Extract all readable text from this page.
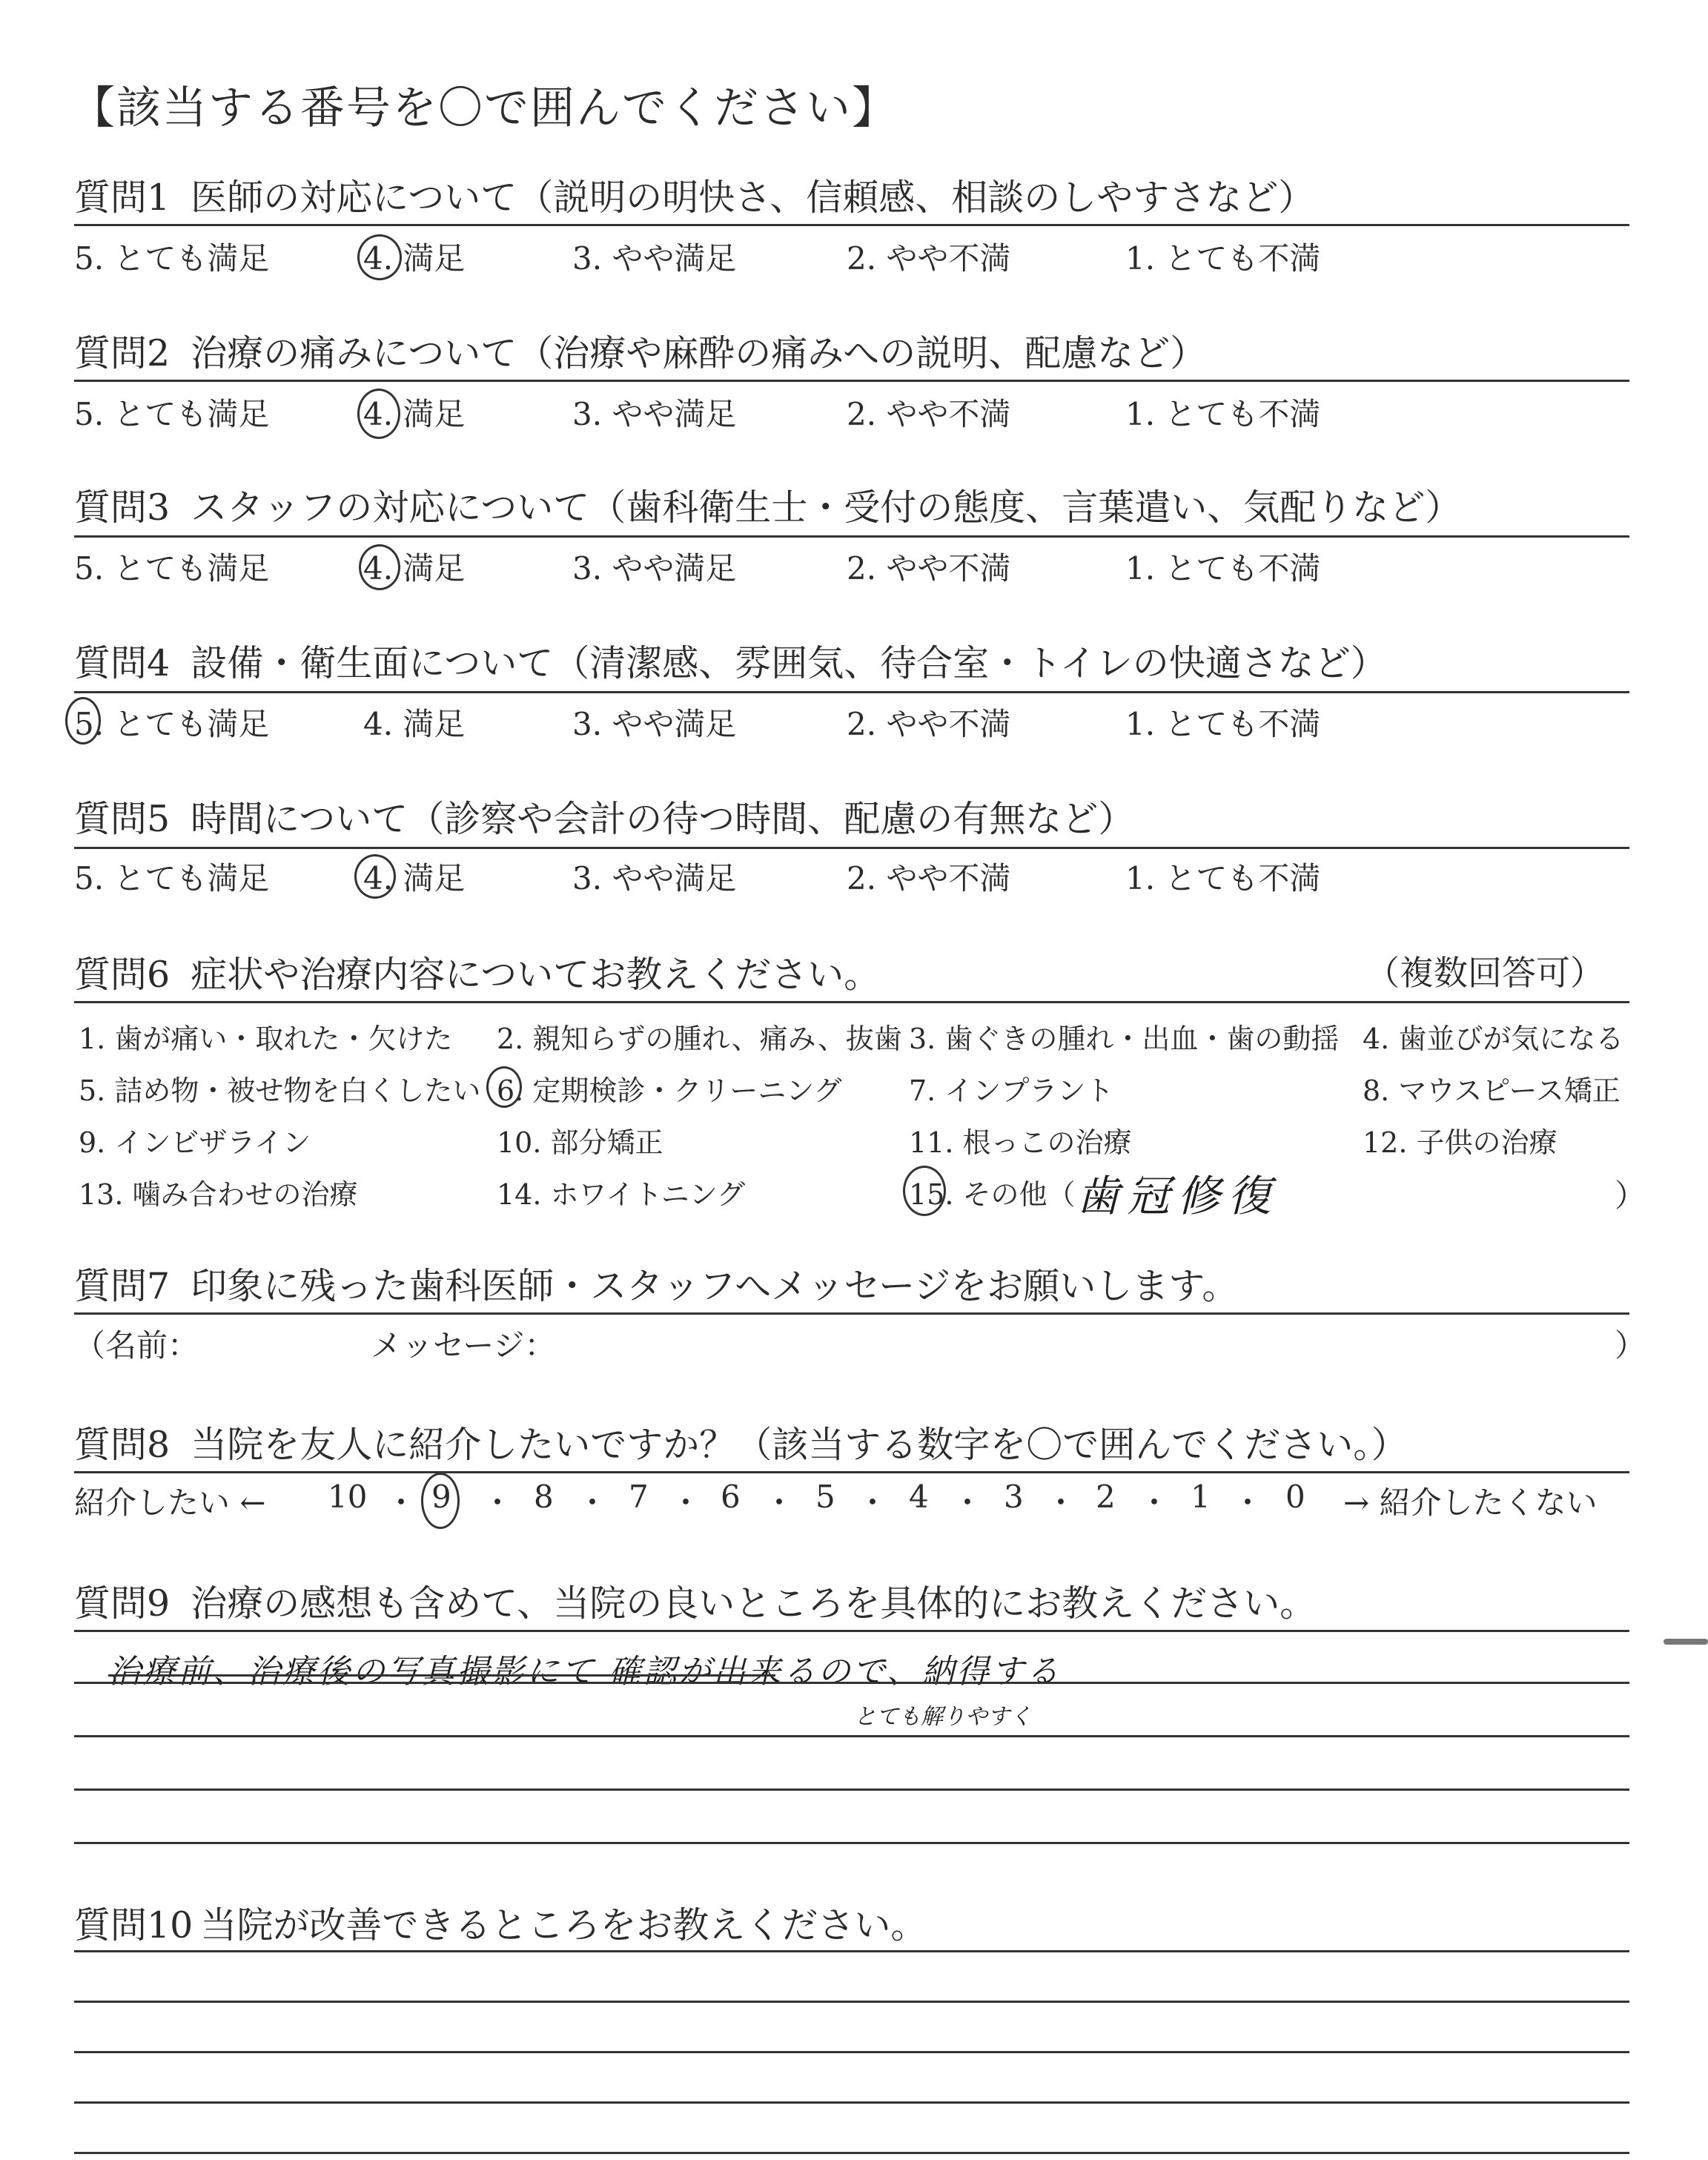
【該当する番号を〇で囲んでください】
質問1 医師の対応について（説明の明快さ、信頼感、相談のしやすさなど）
5. とても満足	4. 満足	3. やや満足	2. やや不満	1. とても不満
質問2 治療の痛みについて（治療や麻酔の痛みへの説明、配慮など）
5. とても満足	4. 満足	3. やや満足	2. やや不満	1. とても不満
質問3 スタッフの対応について（歯科衛生士・受付の態度、言葉遣い、気配りなど）
5. とても満足	4. 満足	3. やや満足	2. やや不満	1. とても不満
質問4 設備・衛生面について（清潔感、雰囲気、待合室・トイレの快適さなど）
5. とても満足	4. 満足	3. やや満足	2. やや不満	1. とても不満
質問5 時間について（診察や会計の待つ時間、配慮の有無など）
5. とても満足	4. 満足	3. やや満足	2. やや不満	1. とても不満
質問6 症状や治療内容についてお教えください。	（複数回答可）
1. 歯が痛い・取れた・欠けた 2. 親知らずの腫れ、痛み、抜歯 3. 歯ぐきの腫れ・出血・歯の動揺 4. 歯並びが気になる
5. 詰め物・被せ物を白くしたい 6. 定期検診・クリーニング 7. インプラント	8. マウスピース矯正
9. インビザライン	10. 部分矯正	11. 根っこの治療	12. 子供の治療
13. 噛み合わせの治療	14. ホワイトニング	15. その他（ 歯冠修復	）
質問7 印象に残った歯科医師・スタッフへメッセージをお願いします。
（名前：	メッセージ：	）
質問8 当院を友人に紹介したいですか？（該当する数字を〇で囲んでください。）
紹介したい ←	→ 紹介したくない
10 9	8 7 6 5 4 3 2 1 0
・ ・ ・ ・ ・ ・ ・ ・ ・ ・
質問9 治療の感想も含めて、当院の良いところを具体的にお教えください。
治療前、治療後の写真撮影にて 確認が出来るので、納得する
とても解りやすく
質問10 当院が改善できるところをお教えください。
